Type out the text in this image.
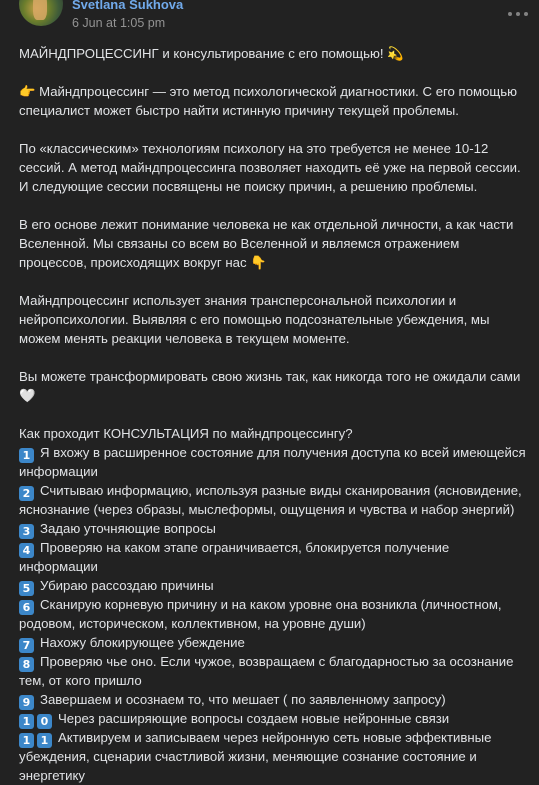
Svetlana Sukhova
6 Jun at 1:05 pm
МАЙНДПРОЦЕССИНГ и консультирование с его помощью! 💫
👉 Майндпроцессинг — это метод психологической диагностики. С его помощью
специалист может быстро найти истинную причину текущей проблемы.
По «классическим» технологиям психологу на это требуется не менее 10-12
сессий. А метод майндпроцессинга позволяет находить её уже на первой сессии.
И следующие сессии посвящены не поиску причин, а решению проблемы.
В его основе лежит понимание человека не как отдельной личности, а как части
Вселенной. Мы связаны со всем во Вселенной и являемся отражением
процессов, происходящих вокруг нас 👇
Майндпроцессинг использует знания трансперсональной психологии и
нейропсихологии. Выявляя с его помощью подсознательные убеждения, мы
можем менять реакции человека в текущем моменте.
Вы можете трансформировать свою жизнь так, как никогда того не ожидали сами
🤍
Как проходит КОНСУЛЬТАЦИЯ по майндпроцессингу?
1 Я вхожу в расширенное состояние для получения доступа ко всей имеющейся
информации
2 Считываю информацию, используя разные виды сканирования (ясновидение,
яснознание (через образы, мыслеформы, ощущения и чувства и набор энергий)
3 Задаю уточняющие вопросы
4 Проверяю на каком этапе ограничивается, блокируется получение
информации
5 Убираю рассоздаю причины
6 Сканирую корневую причину и на каком уровне она возникла (личностном,
родовом, историческом, коллективном, на уровне души)
7 Нахожу блокирующее убеждение
8 Проверяю чье оно. Если чужое, возвращаем с благодарностью за осознание
тем, от кого пришло
9 Завершаем и осознаем то, что мешает ( по заявленному запросу)
1 0 Через расширяющие вопросы создаем новые нейронные связи
1 1 Активируем и записываем через нейронную сеть новые эффективные
убеждения, сценарии счастливой жизни, меняющие сознание состояние и
энергетику
